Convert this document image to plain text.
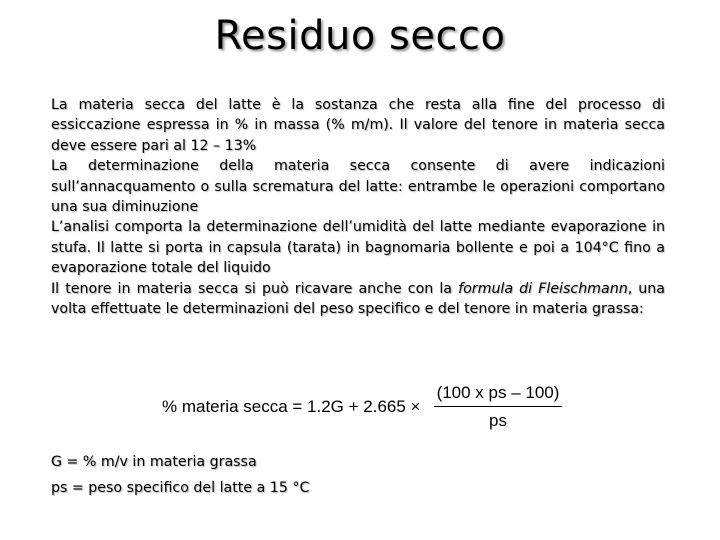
Residuo secco

La materia secca del latte è la sostanza che resta alla fine del processo di essiccazione espressa in % in massa (% m/m). Il valore del tenore in materia secca deve essere pari al 12 – 13%

La determinazione della materia secca consente di avere indicazioni sull’annacquamento o sulla scrematura del latte: entrambe le operazioni comportano una sua diminuzione

L’analisi comporta la determinazione dell’umidità del latte mediante evaporazione in stufa. Il latte si porta in capsula (tarata) in bagnomaria bollente e poi a 104°C fino a evaporazione totale del liquido

Il tenore in materia secca si può ricavare anche con la formula di Fleischmann, una volta effettuate le determinazioni del peso specifico e del tenore in materia grassa:

% materia secca = 1.2G + 2.665 ×
(100 x ps – 100)
ps
G = % m/v in materia grassa
ps = peso specifico del latte a 15 °C
